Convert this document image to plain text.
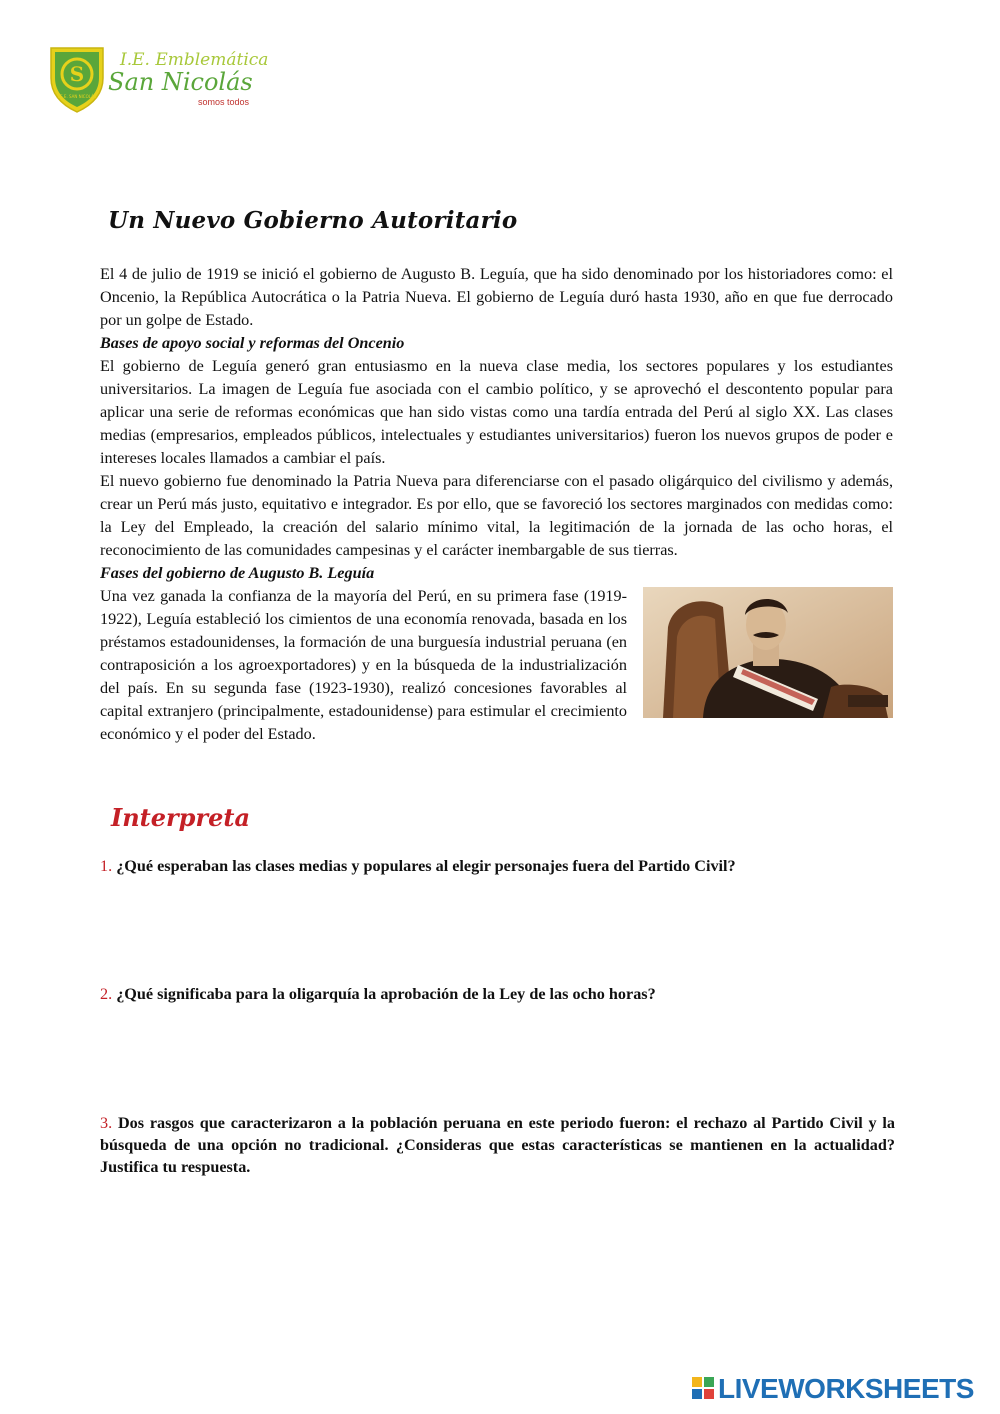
S
I.E.E. SAN NICOLÁS
I.E. Emblemática
San Nicolás
somos todos
Un Nuevo Gobierno Autoritario

El 4 de julio de 1919 se inició el gobierno de Augusto B. Leguía, que ha sido denominado por los historiadores como: el Oncenio, la República Autocrática o la Patria Nueva. El gobierno de Leguía duró hasta 1930, año en que fue derrocado por un golpe de Estado.

Bases de apoyo social y reformas del Oncenio

El gobierno de Leguía generó gran entusiasmo en la nueva clase media, los sectores populares y los estudiantes universitarios. La imagen de Leguía fue asociada con el cambio político, y se aprovechó el descontento popular para aplicar una serie de reformas económicas que han sido vistas como una tardía entrada del Perú al siglo XX. Las clases medias (empresarios, empleados públicos, intelectuales y estudiantes universitarios) fueron los nuevos grupos de poder e intereses locales llamados a cambiar el país.

El nuevo gobierno fue denominado la Patria Nueva para diferenciarse con el pasado oligárquico del civilismo y además, crear un Perú más justo, equitativo e integrador. Es por ello, que se favoreció los sectores marginados con medidas como: la Ley del Empleado, la creación del salario mínimo vital, la legitimación de la jornada de las ocho horas, el reconocimiento de las comunidades campesinas y el carácter inembargable de sus tierras.

Fases del gobierno de Augusto B. Leguía

Una vez ganada la confianza de la mayoría del Perú, en su primera fase (1919-1922), Leguía estableció los cimientos de una economía renovada, basada en los préstamos estadounidenses, la formación de una burguesía industrial peruana (en contraposición a los agroexportadores) y en la búsqueda de la industrialización del país. En su segunda fase (1923-1930), realizó concesiones favorables al capital extranjero (principalmente, estadounidense) para estimular el crecimiento económico y el poder del Estado.

Interpreta
1. ¿Qué esperaban las clases medias y populares al elegir personajes fuera del Partido Civil?
2. ¿Qué significaba para la oligarquía la aprobación de la Ley de las ocho horas?
3. Dos rasgos que caracterizaron a la población peruana en este periodo fueron: el rechazo al Partido Civil y la búsqueda de una opción no tradicional. ¿Consideras que estas características se mantienen en la actualidad? Justifica tu respuesta.
LIVEWORKSHEETS
